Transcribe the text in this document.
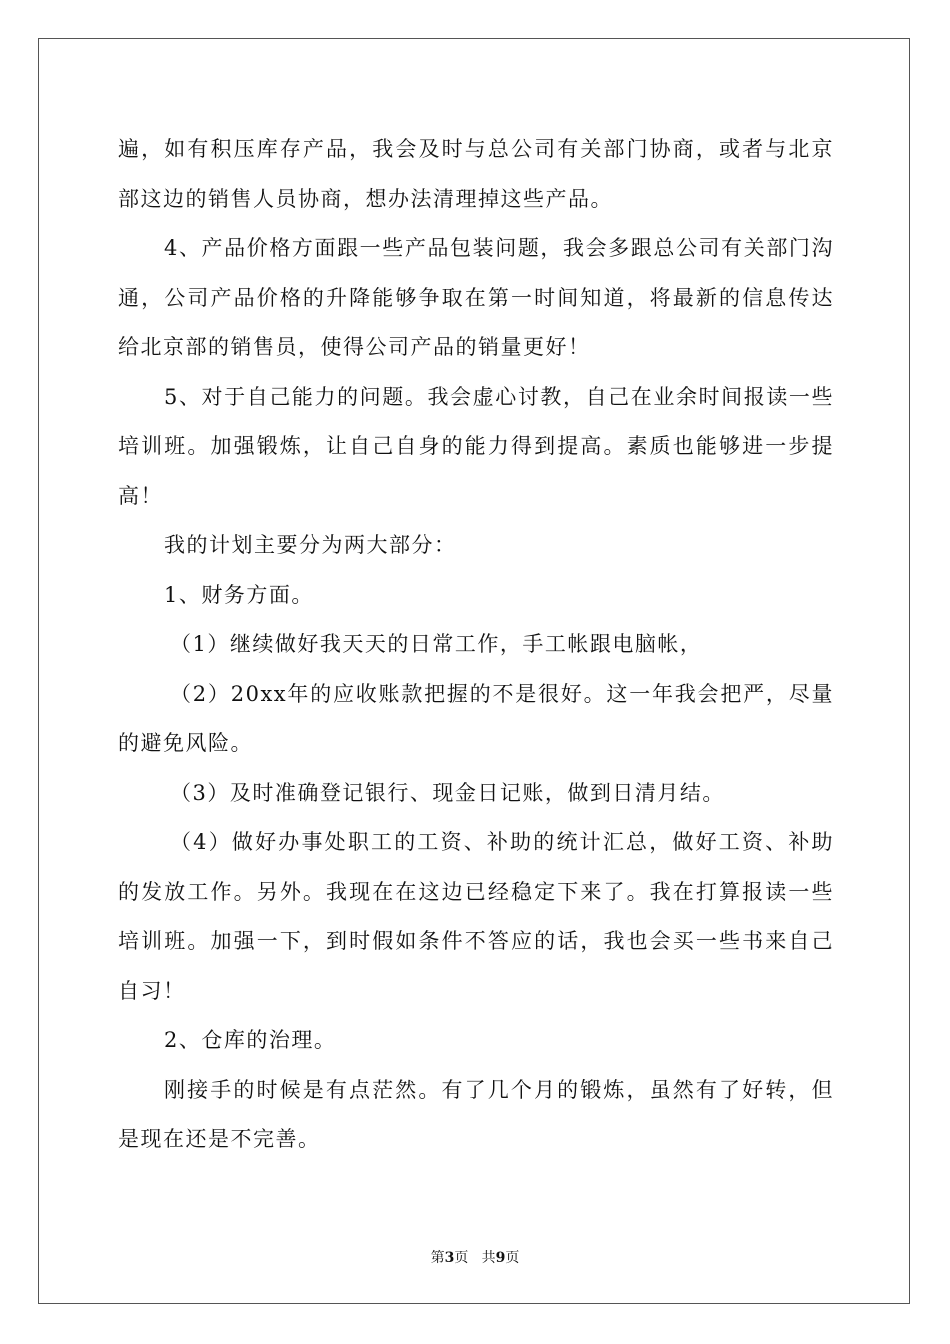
遍，如有积压库存产品，我会及时与总公司有关部门协商，或者与北京部这边的销售人员协商，想办法清理掉这些产品。

4、产品价格方面跟一些产品包装问题，我会多跟总公司有关部门沟通，公司产品价格的升降能够争取在第一时间知道，将最新的信息传达给北京部的销售员，使得公司产品的销量更好！

5、对于自己能力的问题。我会虚心讨教，自己在业余时间报读一些培训班。加强锻炼，让自己自身的能力得到提高。素质也能够进一步提高！

我的计划主要分为两大部分：

1、财务方面。

（1）继续做好我天天的日常工作，手工帐跟电脑帐，

（2）20xx年的应收账款把握的不是很好。这一年我会把严，尽量的避免风险。

（3）及时准确登记银行、现金日记账，做到日清月结。

（4）做好办事处职工的工资、补助的统计汇总，做好工资、补助的发放工作。另外。我现在在这边已经稳定下来了。我在打算报读一些培训班。加强一下，到时假如条件不答应的话，我也会买一些书来自己自习！

2、仓库的治理。

刚接手的时候是有点茫然。有了几个月的锻炼，虽然有了好转，但是现在还是不完善。

第3页 共9页
